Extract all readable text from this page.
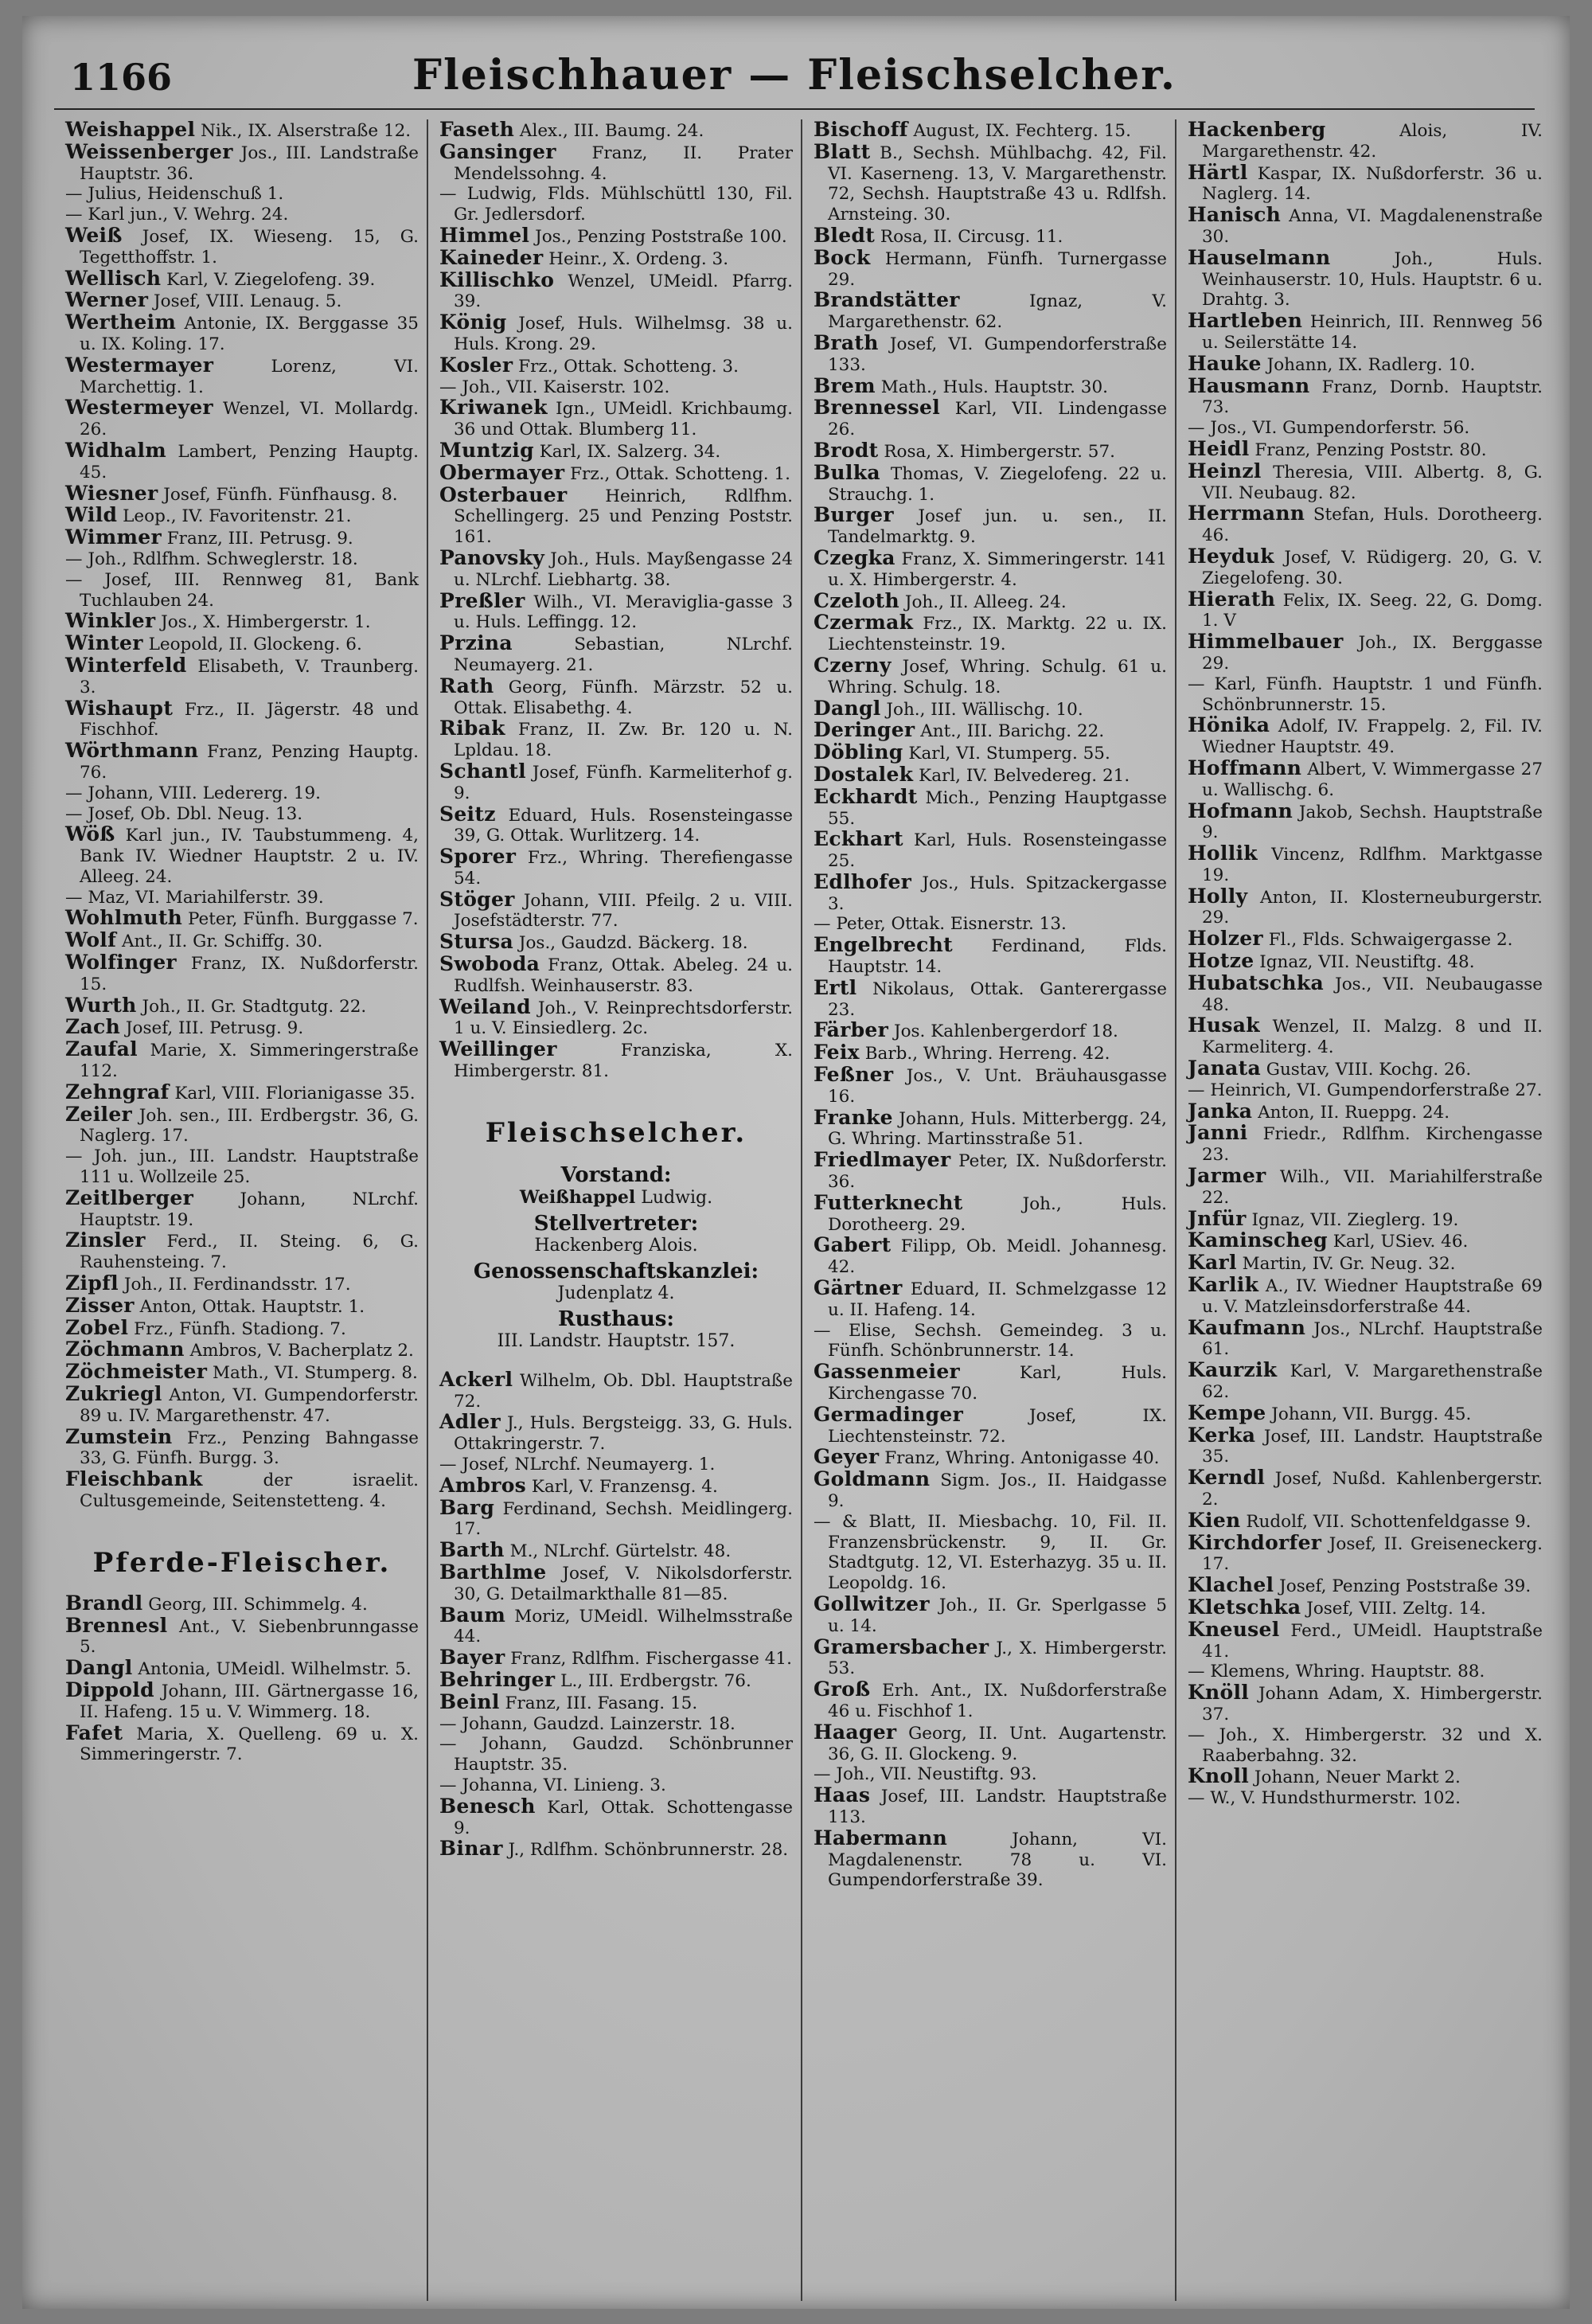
1166	Fleischhauer — Fleischselcher.

Weishappel Nik., IX. Alserstraße 12.

Weissenberger Jos., III. Landstraße Hauptstr. 36.

— Julius, Heidenschuß 1.

— Karl jun., V. Wehrg. 24.

Weiß Josef, IX. Wieseng. 15, G. Tegetthoffstr. 1.

Wellisch Karl, V. Ziegelofeng. 39.

Werner Josef, VIII. Lenaug. 5.

Wertheim Antonie, IX. Berggasse 35 u. IX. Koling. 17.

Westermayer Lorenz, VI. Marchettig. 1.

Westermeyer Wenzel, VI. Mollardg. 26.

Widhalm Lambert, Penzing Hauptg. 45.

Wiesner Josef, Fünfh. Fünfhausg. 8.

Wild Leop., IV. Favoritenstr. 21.

Wimmer Franz, III. Petrusg. 9.

— Joh., Rdlfhm. Schweglerstr. 18.

— Josef, III. Rennweg 81, Bank Tuchlauben 24.

Winkler Jos., X. Himbergerstr. 1.

Winter Leopold, II. Glockeng. 6.

Winterfeld Elisabeth, V. Traunberg. 3.

Wishaupt Frz., II. Jägerstr. 48 und Fischhof.

Wörthmann Franz, Penzing Hauptg. 76.

— Johann, VIII. Ledererg. 19.

— Josef, Ob. Dbl. Neug. 13.

Wöß Karl jun., IV. Taubstummeng. 4, Bank IV. Wiedner Hauptstr. 2 u. IV. Alleeg. 24.

— Maz, VI. Mariahilferstr. 39.

Wohlmuth Peter, Fünfh. Burggasse 7.

Wolf Ant., II. Gr. Schiffg. 30.

Wolfinger Franz, IX. Nußdorferstr. 15.

Wurth Joh., II. Gr. Stadtgutg. 22.

Zach Josef, III. Petrusg. 9.

Zaufal Marie, X. Simmeringerstraße 112.

Zehngraf Karl, VIII. Florianigasse 35.

Zeiler Joh. sen., III. Erdbergstr. 36, G. Naglerg. 17.

— Joh. jun., III. Landstr. Hauptstraße 111 u. Wollzeile 25.

Zeitlberger Johann, NLrchf. Hauptstr. 19.

Zinsler Ferd., II. Steing. 6, G. Rauhensteing. 7.

Zipfl Joh., II. Ferdinandsstr. 17.

Zisser Anton, Ottak. Hauptstr. 1.

Zobel Frz., Fünfh. Stadiong. 7.

Zöchmann Ambros, V. Bacherplatz 2.

Zöchmeister Math., VI. Stumperg. 8.

Zukriegl Anton, VI. Gumpendorferstr. 89 u. IV. Margarethenstr. 47.

Zumstein Frz., Penzing Bahngasse 33, G. Fünfh. Burgg. 3.

Fleischbank der israelit. Cultusgemeinde, Seitenstetteng. 4.

Pferde-Fleischer.

Brandl Georg, III. Schimmelg. 4.

Brennesl Ant., V. Siebenbrunngasse 5.

Dangl Antonia, UMeidl. Wilhelmstr. 5.

Dippold Johann, III. Gärtnergasse 16, II. Hafeng. 15 u. V. Wimmerg. 18.

Fafet Maria, X. Quelleng. 69 u. X. Simmeringerstr. 7.

Faseth Alex., III. Baumg. 24.

Gansinger Franz, II. Prater Mendelssohng. 4.

— Ludwig, Flds. Mühlschüttl 130, Fil. Gr. Jedlersdorf.

Himmel Jos., Penzing Poststraße 100.

Kaineder Heinr., X. Ordeng. 3.

Killischko Wenzel, UMeidl. Pfarrg. 39.

König Josef, Huls. Wilhelmsg. 38 u. Huls. Krong. 29.

Kosler Frz., Ottak. Schotteng. 3.

— Joh., VII. Kaiserstr. 102.

Kriwanek Ign., UMeidl. Krichbaumg. 36 und Ottak. Blumberg 11.

Muntzig Karl, IX. Salzerg. 34.

Obermayer Frz., Ottak. Schotteng. 1.

Osterbauer Heinrich, Rdlfhm. Schellingerg. 25 und Penzing Poststr. 161.

Panovsky Joh., Huls. Mayßengasse 24 u. NLrchf. Liebhartg. 38.

Preßler Wilh., VI. Meraviglia-gasse 3 u. Huls. Leffingg. 12.

Przina Sebastian, NLrchf. Neumayerg. 21.

Rath Georg, Fünfh. Märzstr. 52 u. Ottak. Elisabethg. 4.

Ribak Franz, II. Zw. Br. 120 u. N. Lpldau. 18.

Schantl Josef, Fünfh. Karmeliterhof g. 9.

Seitz Eduard, Huls. Rosensteingasse 39, G. Ottak. Wurlitzerg. 14.

Sporer Frz., Whring. Therefiengasse 54.

Stöger Johann, VIII. Pfeilg. 2 u. VIII. Josefstädterstr. 77.

Stursa Jos., Gaudzd. Bäckerg. 18.

Swoboda Franz, Ottak. Abeleg. 24 u. Rudlfsh. Weinhauserstr. 83.

Weiland Joh., V. Reinprechtsdorferstr. 1 u. V. Einsiedlerg. 2c.

Weillinger Franziska, X. Himbergerstr. 81.

Fleischselcher.
Vorstand:

Weißhappel Ludwig.

Stellvertreter:

Hackenberg Alois.

Genossenschaftskanzlei:

Judenplatz 4.

Rusthaus:

III. Landstr. Hauptstr. 157.

Ackerl Wilhelm, Ob. Dbl. Hauptstraße 72.

Adler J., Huls. Bergsteigg. 33, G. Huls. Ottakringerstr. 7.

— Josef, NLrchf. Neumayerg. 1.

Ambros Karl, V. Franzensg. 4.

Barg Ferdinand, Sechsh. Meidlingerg. 17.

Barth M., NLrchf. Gürtelstr. 48.

Barthlme Josef, V. Nikolsdorferstr. 30, G. Detailmarkthalle 81—85.

Baum Moriz, UMeidl. Wilhelmsstraße 44.

Bayer Franz, Rdlfhm. Fischergasse 41.

Behringer L., III. Erdbergstr. 76.

Beinl Franz, III. Fasang. 15.

— Johann, Gaudzd. Lainzerstr. 18.

— Johann, Gaudzd. Schönbrunner Hauptstr. 35.

— Johanna, VI. Linieng. 3.

Benesch Karl, Ottak. Schottengasse 9.

Binar J., Rdlfhm. Schönbrunnerstr. 28.

Bischoff August, IX. Fechterg. 15.

Blatt B., Sechsh. Mühlbachg. 42, Fil. VI. Kaserneng. 13, V. Margarethenstr. 72, Sechsh. Hauptstraße 43 u. Rdlfsh. Arnsteing. 30.

Bledt Rosa, II. Circusg. 11.

Bock Hermann, Fünfh. Turnergasse 29.

Brandstätter Ignaz, V. Margarethenstr. 62.

Brath Josef, VI. Gumpendorferstraße 133.

Brem Math., Huls. Hauptstr. 30.

Brennessel Karl, VII. Lindengasse 26.

Brodt Rosa, X. Himbergerstr. 57.

Bulka Thomas, V. Ziegelofeng. 22 u. Strauchg. 1.

Burger Josef jun. u. sen., II. Tandelmarktg. 9.

Czegka Franz, X. Simmeringerstr. 141 u. X. Himbergerstr. 4.

Czeloth Joh., II. Alleeg. 24.

Czermak Frz., IX. Marktg. 22 u. IX. Liechtensteinstr. 19.

Czerny Josef, Whring. Schulg. 61 u. Whring. Schulg. 18.

Dangl Joh., III. Wällischg. 10.

Deringer Ant., III. Barichg. 22.

Döbling Karl, VI. Stumperg. 55.

Dostalek Karl, IV. Belvedereg. 21.

Eckhardt Mich., Penzing Hauptgasse 55.

Eckhart Karl, Huls. Rosensteingasse 25.

Edlhofer Jos., Huls. Spitzackergasse 3.

— Peter, Ottak. Eisnerstr. 13.

Engelbrecht Ferdinand, Flds. Hauptstr. 14.

Ertl Nikolaus, Ottak. Ganterergasse 23.

Färber Jos. Kahlenbergerdorf 18.

Feix Barb., Whring. Herreng. 42.

Feßner Jos., V. Unt. Bräuhausgasse 16.

Franke Johann, Huls. Mitterbergg. 24, G. Whring. Martinsstraße 51.

Friedlmayer Peter, IX. Nußdorferstr. 36.

Futterknecht Joh., Huls. Dorotheerg. 29.

Gabert Filipp, Ob. Meidl. Johannesg. 42.

Gärtner Eduard, II. Schmelzgasse 12 u. II. Hafeng. 14.

— Elise, Sechsh. Gemeindeg. 3 u. Fünfh. Schönbrunnerstr. 14.

Gassenmeier Karl, Huls. Kirchengasse 70.

Germadinger Josef, IX. Liechtensteinstr. 72.

Geyer Franz, Whring. Antonigasse 40.

Goldmann Sigm. Jos., II. Haidgasse 9.

— & Blatt, II. Miesbachg. 10, Fil. II. Franzensbrückenstr. 9, II. Gr. Stadtgutg. 12, VI. Esterhazyg. 35 u. II. Leopoldg. 16.

Gollwitzer Joh., II. Gr. Sperlgasse 5 u. 14.

Gramersbacher J., X. Himbergerstr. 53.

Groß Erh. Ant., IX. Nußdorferstraße 46 u. Fischhof 1.

Haager Georg, II. Unt. Augartenstr. 36, G. II. Glockeng. 9.

— Joh., VII. Neustiftg. 93.

Haas Josef, III. Landstr. Hauptstraße 113.

Habermann Johann, VI. Magdalenenstr. 78 u. VI. Gumpendorferstraße 39.

Hackenberg Alois, IV. Margarethenstr. 42.

Härtl Kaspar, IX. Nußdorferstr. 36 u. Naglerg. 14.

Hanisch Anna, VI. Magdalenenstraße 30.

Hauselmann Joh., Huls. Weinhauserstr. 10, Huls. Hauptstr. 6 u. Drahtg. 3.

Hartleben Heinrich, III. Rennweg 56 u. Seilerstätte 14.

Hauke Johann, IX. Radlerg. 10.

Hausmann Franz, Dornb. Hauptstr. 73.

— Jos., VI. Gumpendorferstr. 56.

Heidl Franz, Penzing Poststr. 80.

Heinzl Theresia, VIII. Albertg. 8, G. VII. Neubaug. 82.

Herrmann Stefan, Huls. Dorotheerg. 46.

Heyduk Josef, V. Rüdigerg. 20, G. V. Ziegelofeng. 30.

Hierath Felix, IX. Seeg. 22, G. Domg. 1. V

Himmelbauer Joh., IX. Berggasse 29.

— Karl, Fünfh. Hauptstr. 1 und Fünfh. Schönbrunnerstr. 15.

Hönika Adolf, IV. Frappelg. 2, Fil. IV. Wiedner Hauptstr. 49.

Hoffmann Albert, V. Wimmergasse 27 u. Wallischg. 6.

Hofmann Jakob, Sechsh. Hauptstraße 9.

Hollik Vincenz, Rdlfhm. Marktgasse 19.

Holly Anton, II. Klosterneuburgerstr. 29.

Holzer Fl., Flds. Schwaigergasse 2.

Hotze Ignaz, VII. Neustiftg. 48.

Hubatschka Jos., VII. Neubaugasse 48.

Husak Wenzel, II. Malzg. 8 und II. Karmeliterg. 4.

Janata Gustav, VIII. Kochg. 26.

— Heinrich, VI. Gumpendorferstraße 27.

Janka Anton, II. Rueppg. 24.

Janni Friedr., Rdlfhm. Kirchengasse 23.

Jarmer Wilh., VII. Mariahilferstraße 22.

Jnfür Ignaz, VII. Zieglerg. 19.

Kaminscheg Karl, USiev. 46.

Karl Martin, IV. Gr. Neug. 32.

Karlik A., IV. Wiedner Hauptstraße 69 u. V. Matzleinsdorferstraße 44.

Kaufmann Jos., NLrchf. Hauptstraße 61.

Kaurzik Karl, V. Margarethenstraße 62.

Kempe Johann, VII. Burgg. 45.

Kerka Josef, III. Landstr. Hauptstraße 35.

Kerndl Josef, Nußd. Kahlenbergerstr. 2.

Kien Rudolf, VII. Schottenfeldgasse 9.

Kirchdorfer Josef, II. Greiseneckerg. 17.

Klachel Josef, Penzing Poststraße 39.

Kletschka Josef, VIII. Zeltg. 14.

Kneusel Ferd., UMeidl. Hauptstraße 41.

— Klemens, Whring. Hauptstr. 88.

Knöll Johann Adam, X. Himbergerstr. 37.

— Joh., X. Himbergerstr. 32 und X. Raaberbahng. 32.

Knoll Johann, Neuer Markt 2.

— W., V. Hundsthurmerstr. 102.
